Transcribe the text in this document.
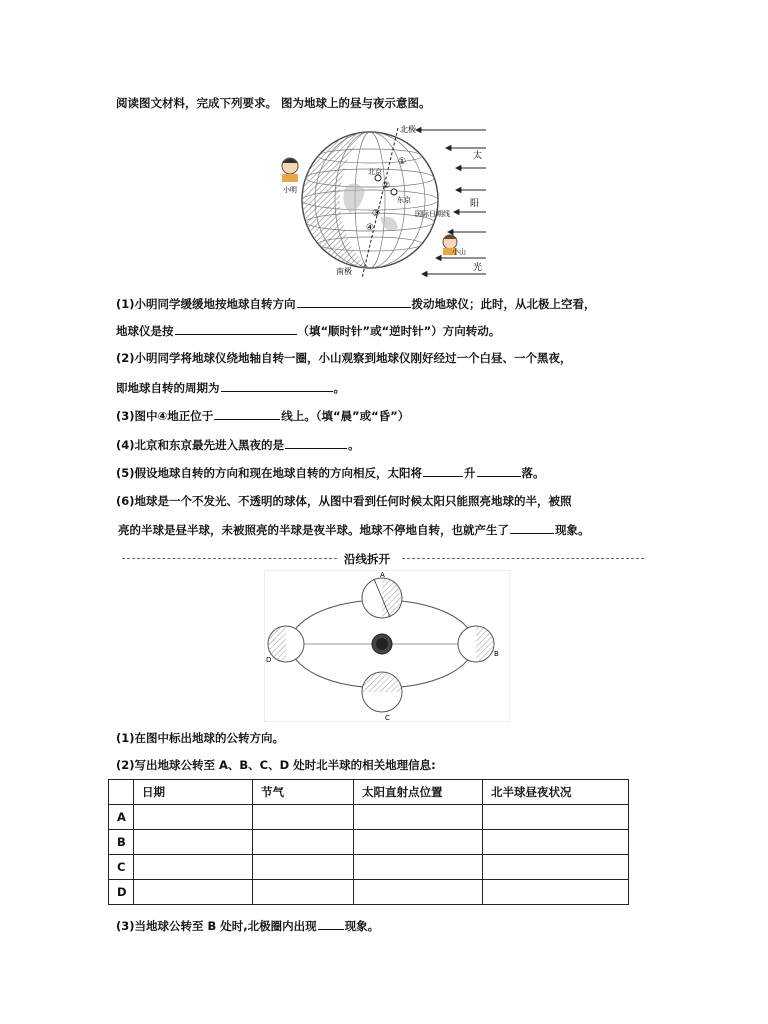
阅读图文材料，完成下列要求。 图为地球上的昼与夜示意图。
北极
南极
北京
东京
国际日期线
①
②
③
④
小明
小山
太
阳
光
(1)小明同学缓缓地按地球自转方向	拨动地球仪；此时，从北极上空看，
地球仪是按	（填“顺时针”或“逆时针”）方向转动。
(2)小明同学将地球仪绕地轴自转一圈，小山观察到地球仪刚好经过一个白昼、一个黑夜，
即地球自转的周期为	。
(3)图中④地正位于	线上。（填“晨”或“昏”）
(4)北京和东京最先进入黑夜的是	。
(5)假设地球自转的方向和现在地球自转的方向相反，太阳将	升	落。
(6)地球是一个不发光、不透明的球体，从图中看到任何时候太阳只能照亮地球的半，被照
亮的半球是昼半球，未被照亮的半球是夜半球。地球不停地自转，也就产生了	现象。
沿线拆开
A
B
C
D
(1)在图中标出地球的公转方向。
(2)写出地球公转至 A、B、C、D 处时北半球的相关地理信息:
	日期	节气	太阳直射点位置	北半球昼夜状况
A				
B				
C				
D				
(3)当地球公转至 B 处时,北极圈内出现 现象。
